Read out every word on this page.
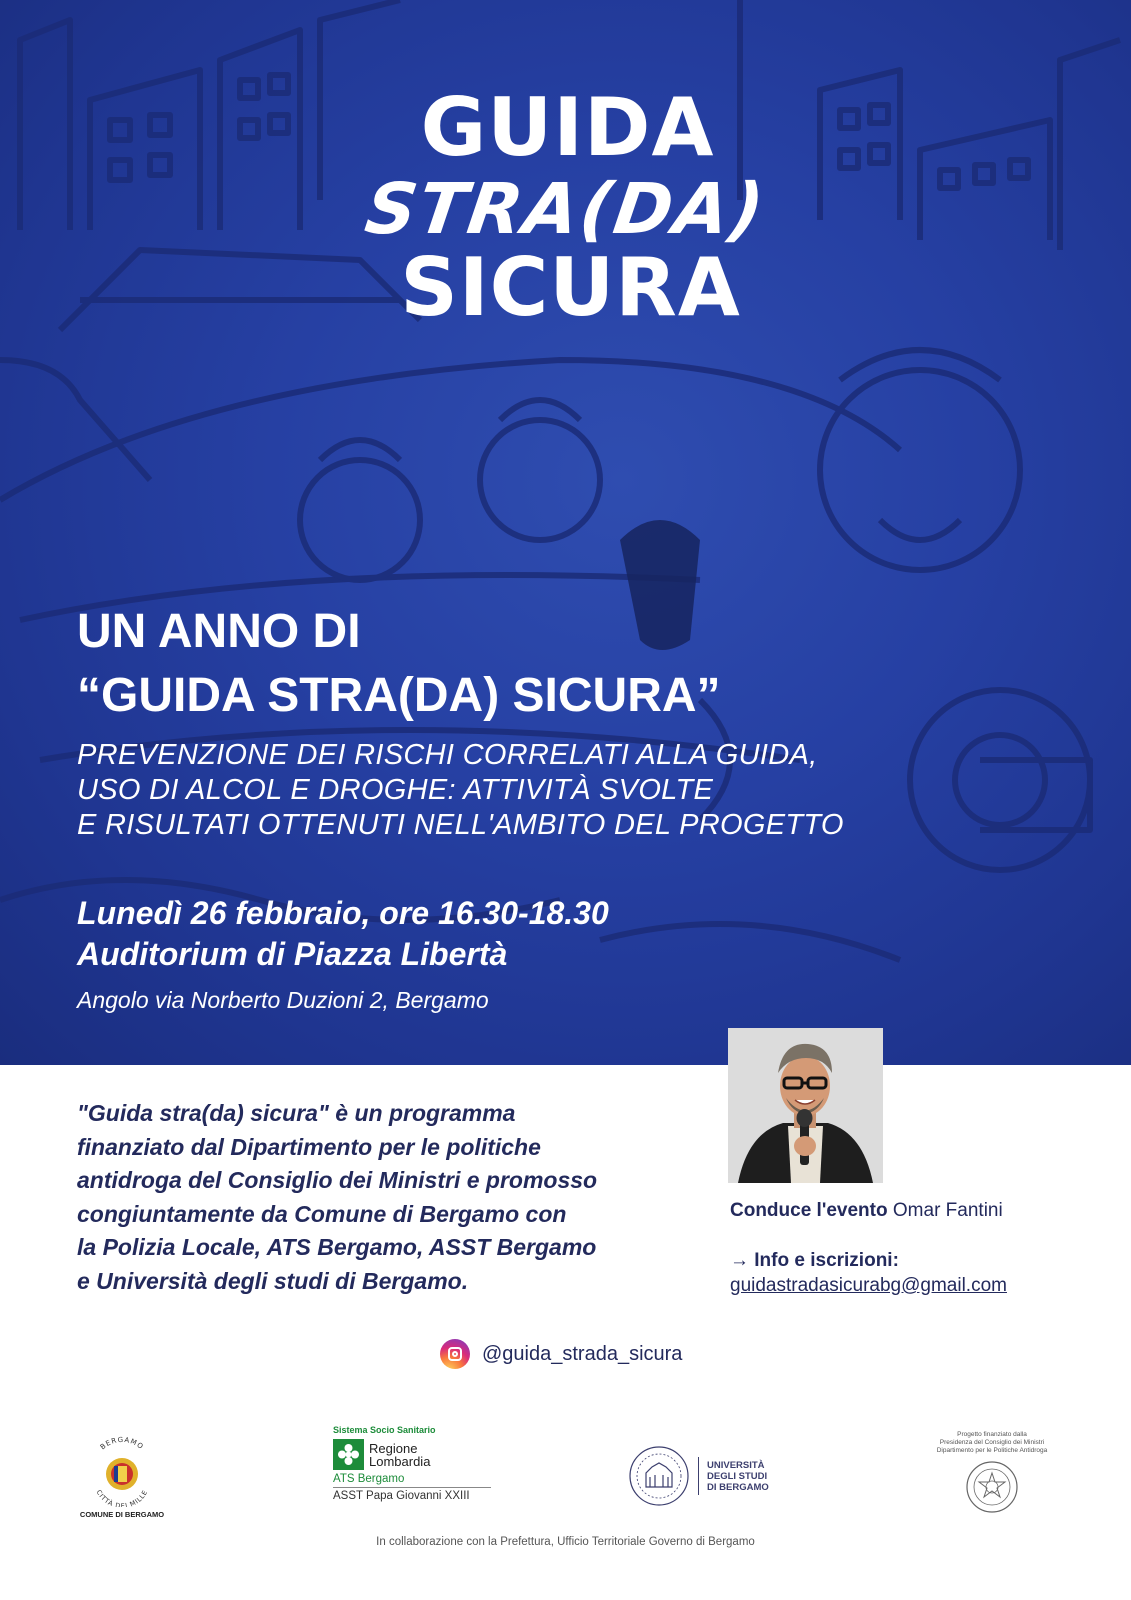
GUIDA
STRA(DA)
SICURA
UN ANNO DI
“GUIDA STRA(DA) SICURA”
PREVENZIONE DEI RISCHI CORRELATI ALLA GUIDA,
USO DI ALCOL E DROGHE: ATTIVITÀ SVOLTE
E RISULTATI OTTENUTI NELL'AMBITO DEL PROGETTO
Lunedì 26 febbraio, ore 16.30-18.30
Auditorium di Piazza Libertà
Angolo via Norberto Duzioni 2, Bergamo
"Guida stra(da) sicura" è un programma
finanziato dal Dipartimento per le politiche
antidroga del Consiglio dei Ministri e promosso
congiuntamente da Comune di Bergamo con
la Polizia Locale, ATS Bergamo, ASST Bergamo
e Università degli studi di Bergamo.
Conduce l'evento Omar Fantini
→ Info e iscrizioni:
guidastradasicurabg@gmail.com
@guida_strada_sicura
BERGAMO
CITTÀ DEI MILLE
COMUNE DI BERGAMO
Sistema Socio Sanitario
Regione
Lombardia
ATS Bergamo
ASST Papa Giovanni XXIII
UNIVERSITÀ
DEGLI STUDI
DI BERGAMO
Progetto finanziato dalla
Presidenza del Consiglio dei Ministri
Dipartimento per le Politiche Antidroga
In collaborazione con la Prefettura, Ufficio Territoriale Governo di Bergamo
